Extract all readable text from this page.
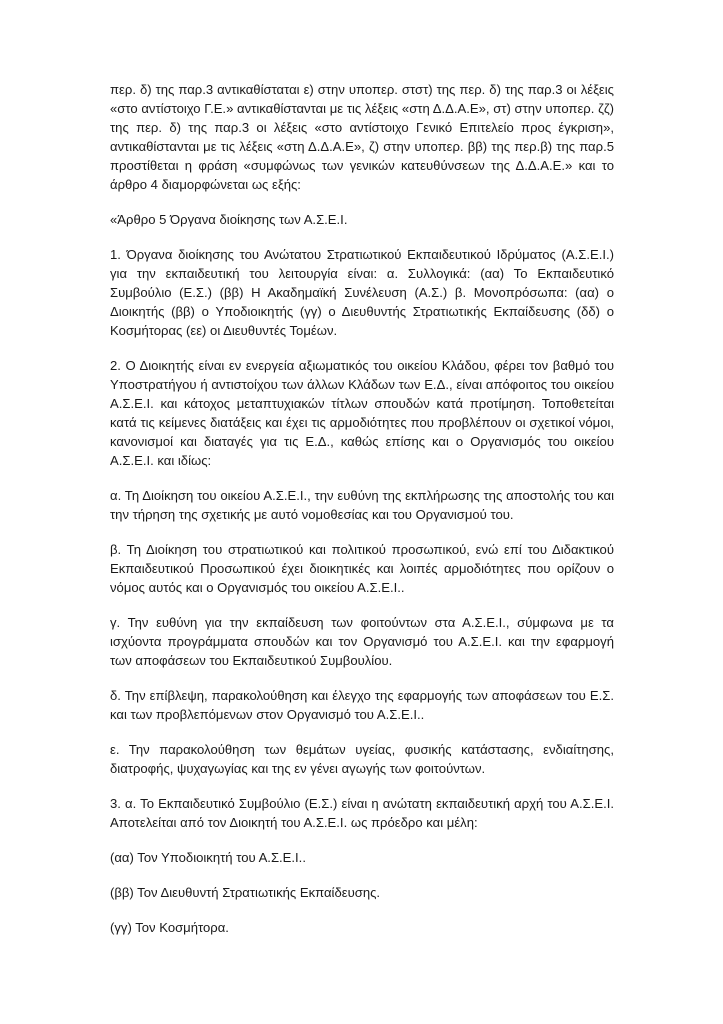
περ. δ) της παρ.3 αντικαθίσταται ε) στην υποπερ. στστ) της περ. δ) της παρ.3 οι λέξεις «στο αντίστοιχο Γ.Ε.» αντικαθίστανται με τις λέξεις «στη Δ.Δ.Α.Ε», στ) στην υποπερ. ζζ) της περ. δ) της παρ.3 οι λέξεις «στο αντίστοιχο Γενικό Επιτελείο προς έγκριση», αντικαθίστανται με τις λέξεις «στη Δ.Δ.Α.Ε», ζ) στην υποπερ. ββ) της περ.β) της παρ.5 προστίθεται η φράση «συμφώνως των γενικών κατευθύνσεων της Δ.Δ.Α.Ε.» και το άρθρο 4 διαμορφώνεται ως εξής:

«Άρθρο 5 Όργανα διοίκησης των Α.Σ.Ε.Ι.

1. Όργανα διοίκησης του Ανώτατου Στρατιωτικού Εκπαιδευτικού Ιδρύματος (Α.Σ.Ε.Ι.) για την εκπαιδευτική του λειτουργία είναι: α. Συλλογικά: (αα) Το Εκπαιδευτικό Συμβούλιο (Ε.Σ.) (ββ) Η Ακαδημαϊκή Συνέλευση (Α.Σ.) β. Μονοπρόσωπα: (αα) ο Διοικητής (ββ) ο Υποδιοικητής (γγ) ο Διευθυντής Στρατιωτικής Εκπαίδευσης (δδ) ο Κοσμήτορας (εε) οι Διευθυντές Τομέων.

2. Ο Διοικητής είναι εν ενεργεία αξιωματικός του οικείου Κλάδου, φέρει τον βαθμό του Υποστρατήγου ή αντιστοίχου των άλλων Κλάδων των Ε.Δ., είναι απόφοιτος του οικείου Α.Σ.Ε.Ι. και κάτοχος μεταπτυχιακών τίτλων σπουδών κατά προτίμηση. Τοποθετείται κατά τις κείμενες διατάξεις και έχει τις αρμοδιότητες που προβλέπουν οι σχετικοί νόμοι, κανονισμοί και διαταγές για τις Ε.Δ., καθώς επίσης και ο Οργανισμός του οικείου Α.Σ.Ε.Ι. και ιδίως:

α. Τη Διοίκηση του οικείου Α.Σ.Ε.Ι., την ευθύνη της εκπλήρωσης της αποστολής του και την τήρηση της σχετικής με αυτό νομοθεσίας και του Οργανισμού του.

β. Τη Διοίκηση του στρατιωτικού και πολιτικού προσωπικού, ενώ επί του Διδακτικού Εκπαιδευτικού Προσωπικού έχει διοικητικές και λοιπές αρμοδιότητες που ορίζουν ο νόμος αυτός και ο Οργανισμός του οικείου Α.Σ.Ε.Ι..

γ. Την ευθύνη για την εκπαίδευση των φοιτούντων στα Α.Σ.Ε.Ι., σύμφωνα με τα ισχύοντα προγράμματα σπουδών και τον Οργανισμό του Α.Σ.Ε.Ι. και την εφαρμογή των αποφάσεων του Εκπαιδευτικού Συμβουλίου.

δ. Την επίβλεψη, παρακολούθηση και έλεγχο της εφαρμογής των αποφάσεων του Ε.Σ. και των προβλεπόμενων στον Οργανισμό του Α.Σ.Ε.Ι..

ε. Την παρακολούθηση των θεμάτων υγείας, φυσικής κατάστασης, ενδιαίτησης, διατροφής, ψυχαγωγίας και της εν γένει αγωγής των φοιτούντων.

3. α. Το Εκπαιδευτικό Συμβούλιο (Ε.Σ.) είναι η ανώτατη εκπαιδευτική αρχή του Α.Σ.Ε.Ι. Αποτελείται από τον Διοικητή του Α.Σ.Ε.Ι. ως πρόεδρο και μέλη:

(αα) Τον Υποδιοικητή του Α.Σ.Ε.Ι..

(ββ) Τον Διευθυντή Στρατιωτικής Εκπαίδευσης.

(γγ) Τον Κοσμήτορα.
